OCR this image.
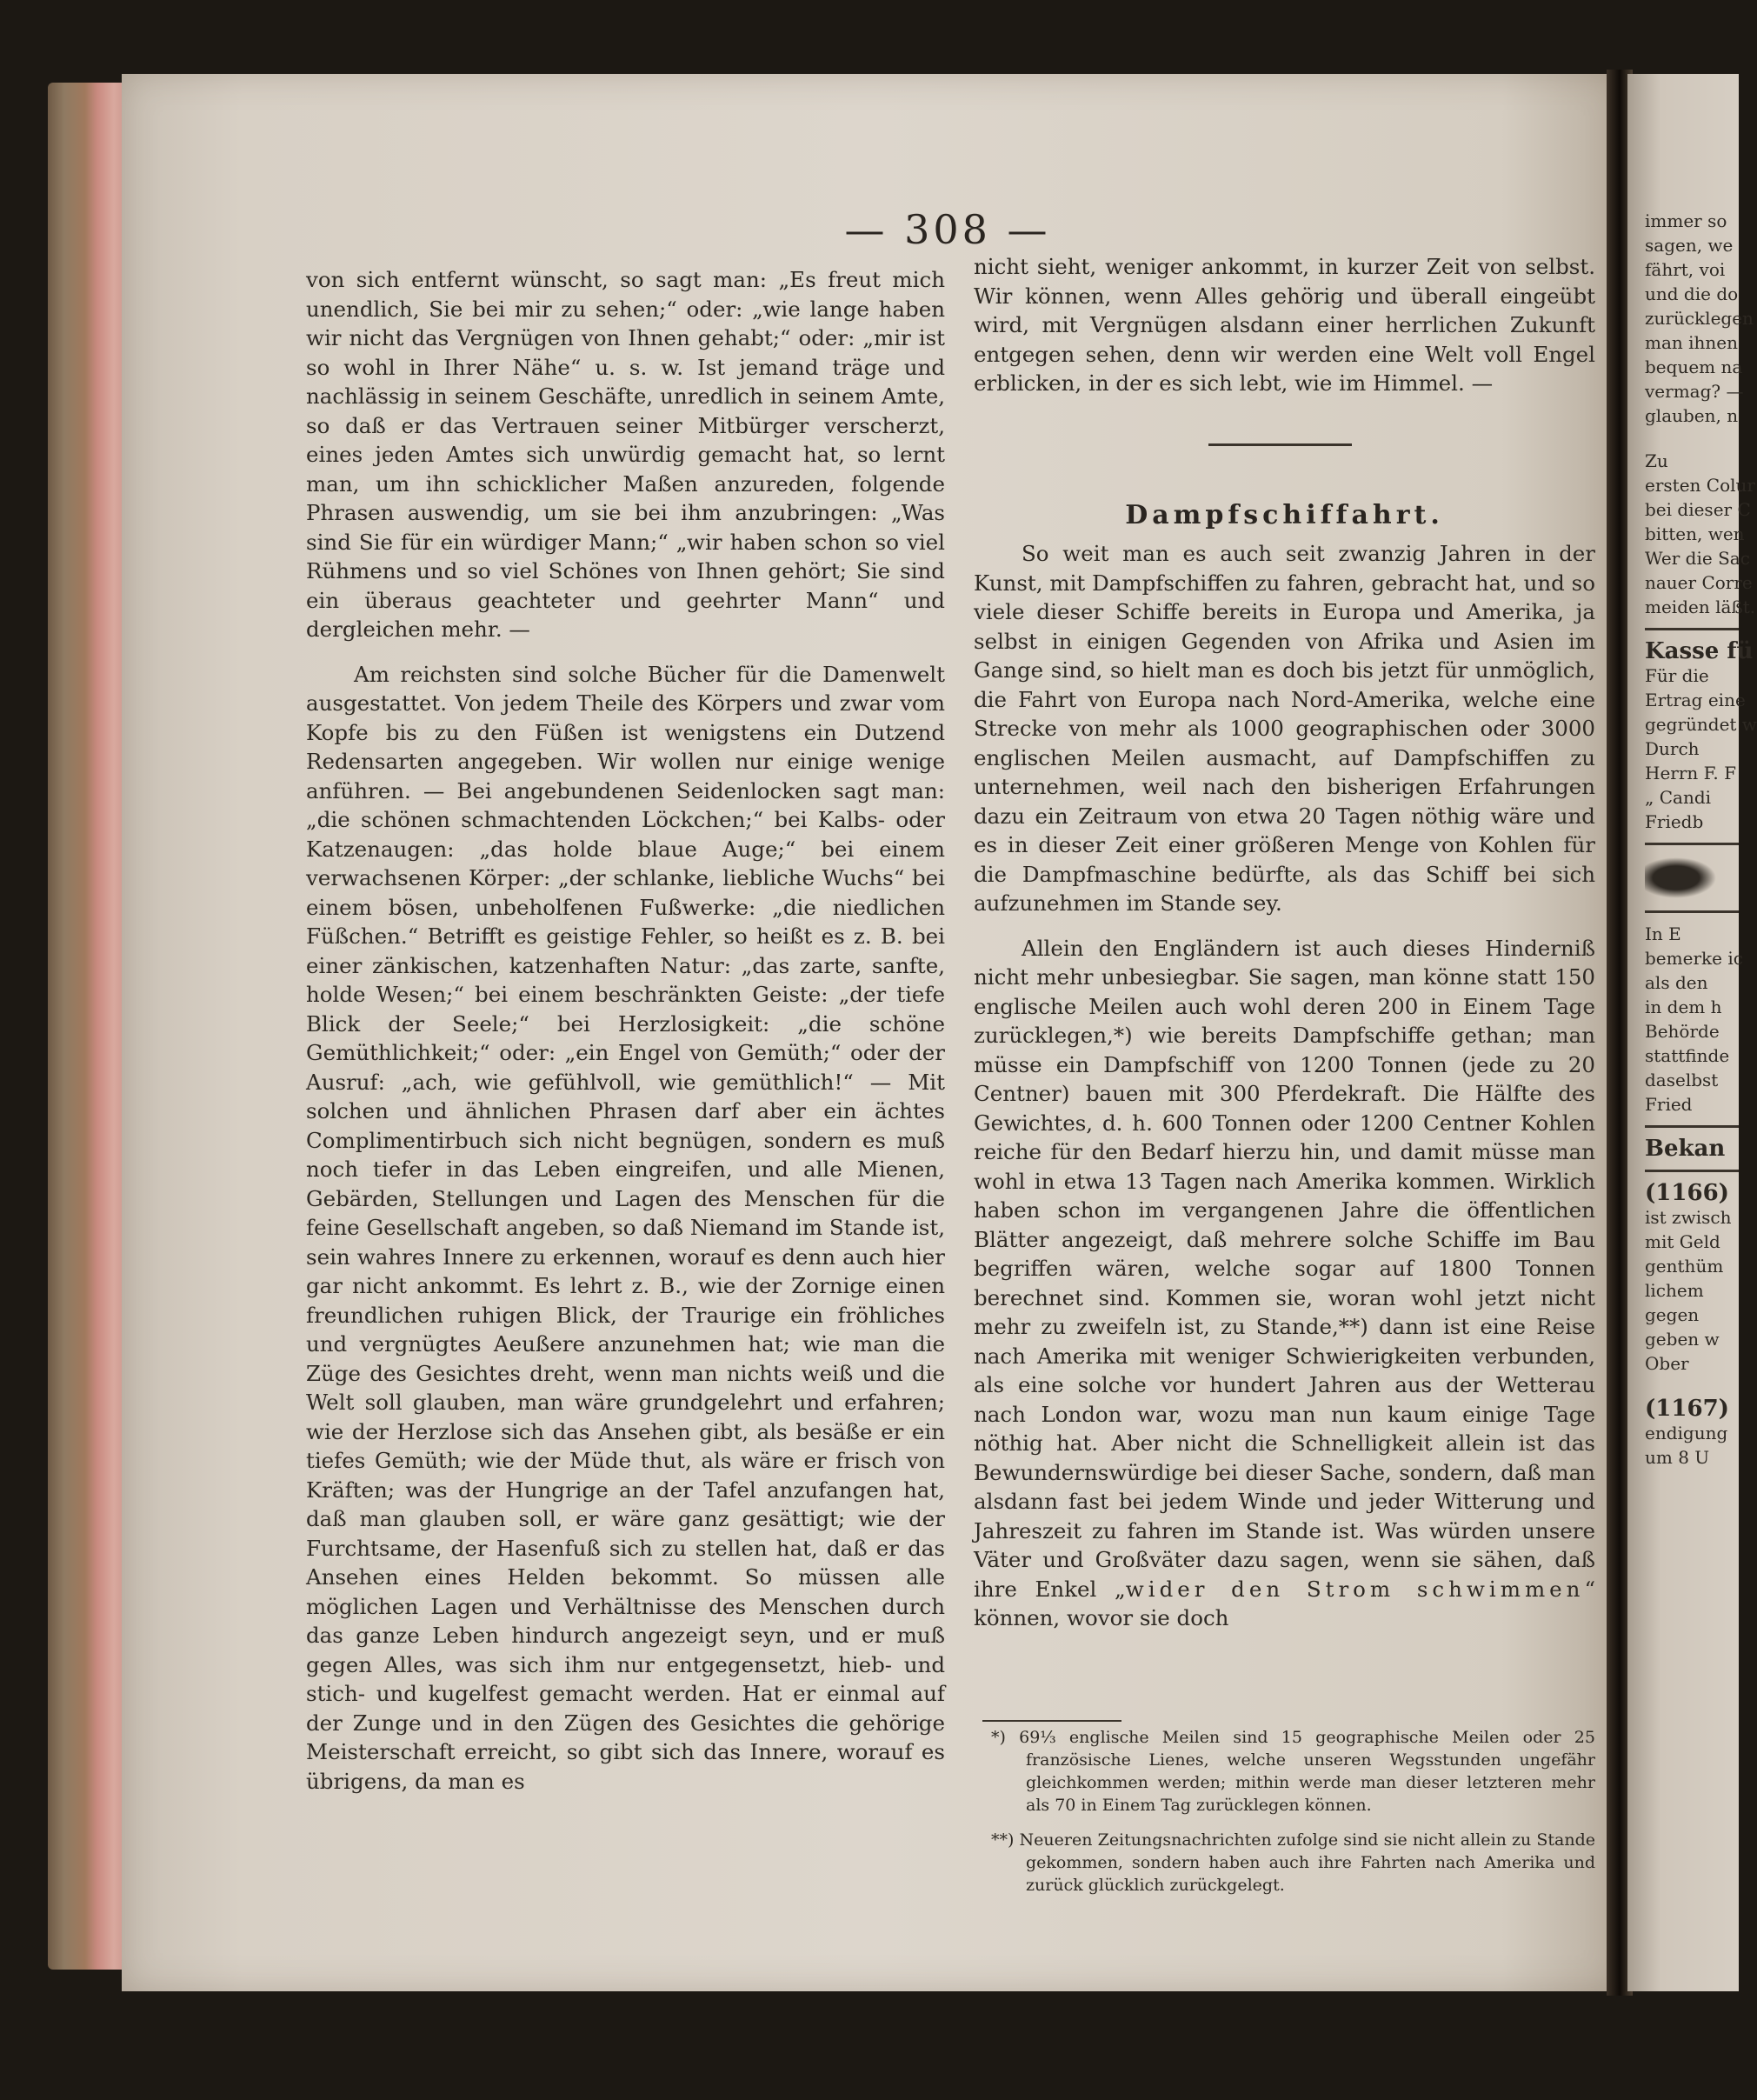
— 308 —

von sich entfernt wünscht, so sagt man: „Es freut mich unendlich, Sie bei mir zu sehen;“ oder: „wie lange haben wir nicht das Vergnügen von Ihnen gehabt;“ oder: „mir ist so wohl in Ihrer Nähe“ u. s. w. Ist jemand träge und nachlässig in seinem Geschäfte, unredlich in seinem Amte, so daß er das Vertrauen seiner Mitbürger verscherzt, eines jeden Amtes sich unwürdig gemacht hat, so lernt man, um ihn schicklicher Maßen anzureden, folgende Phrasen auswendig, um sie bei ihm anzubringen: „Was sind Sie für ein würdiger Mann;“ „wir haben schon so viel Rühmens und so viel Schönes von Ihnen gehört; Sie sind ein überaus geachteter und geehrter Mann“ und dergleichen mehr. —

Am reichsten sind solche Bücher für die Damenwelt ausgestattet. Von jedem Theile des Körpers und zwar vom Kopfe bis zu den Füßen ist wenigstens ein Dutzend Redensarten angegeben. Wir wollen nur einige wenige anführen. — Bei angebundenen Seidenlocken sagt man: „die schönen schmachtenden Löckchen;“ bei Kalbs- oder Katzenaugen: „das holde blaue Auge;“ bei einem verwachsenen Körper: „der schlanke, liebliche Wuchs“ bei einem bösen, unbeholfenen Fußwerke: „die niedlichen Füßchen.“ Betrifft es geistige Fehler, so heißt es z. B. bei einer zänkischen, katzenhaften Natur: „das zarte, sanfte, holde Wesen;“ bei einem beschränkten Geiste: „der tiefe Blick der Seele;“ bei Herzlosigkeit: „die schöne Gemüthlichkeit;“ oder: „ein Engel von Gemüth;“ oder der Ausruf: „ach, wie gefühlvoll, wie gemüthlich!“ — Mit solchen und ähnlichen Phrasen darf aber ein ächtes Complimentirbuch sich nicht begnügen, sondern es muß noch tiefer in das Leben eingreifen, und alle Mienen, Gebärden, Stellungen und Lagen des Menschen für die feine Gesellschaft angeben, so daß Niemand im Stande ist, sein wahres Innere zu erkennen, worauf es denn auch hier gar nicht ankommt. Es lehrt z. B., wie der Zornige einen freundlichen ruhigen Blick, der Traurige ein fröhliches und vergnügtes Aeußere anzunehmen hat; wie man die Züge des Gesichtes dreht, wenn man nichts weiß und die Welt soll glauben, man wäre grundgelehrt und erfahren; wie der Herzlose sich das Ansehen gibt, als besäße er ein tiefes Gemüth; wie der Müde thut, als wäre er frisch von Kräften; was der Hungrige an der Tafel anzufangen hat, daß man glauben soll, er wäre ganz gesättigt; wie der Furchtsame, der Hasenfuß sich zu stellen hat, daß er das Ansehen eines Helden bekommt. So müssen alle möglichen Lagen und Verhältnisse des Menschen durch das ganze Leben hindurch angezeigt seyn, und er muß gegen Alles, was sich ihm nur entgegensetzt, hieb- und stich- und kugelfest gemacht werden. Hat er einmal auf der Zunge und in den Zügen des Gesichtes die gehörige Meisterschaft erreicht, so gibt sich das Innere, worauf es übrigens, da man es

nicht sieht, weniger ankommt, in kurzer Zeit von selbst. Wir können, wenn Alles gehörig und überall eingeübt wird, mit Vergnügen alsdann einer herrlichen Zukunft entgegen sehen, denn wir werden eine Welt voll Engel erblicken, in der es sich lebt, wie im Himmel. —

Dampfschiffahrt.

So weit man es auch seit zwanzig Jahren in der Kunst, mit Dampfschiffen zu fahren, gebracht hat, und so viele dieser Schiffe bereits in Europa und Amerika, ja selbst in einigen Gegenden von Afrika und Asien im Gange sind, so hielt man es doch bis jetzt für unmöglich, die Fahrt von Europa nach Nord-Amerika, welche eine Strecke von mehr als 1000 geographischen oder 3000 englischen Meilen ausmacht, auf Dampfschiffen zu unternehmen, weil nach den bisherigen Erfahrungen dazu ein Zeitraum von etwa 20 Tagen nöthig wäre und es in dieser Zeit einer größeren Menge von Kohlen für die Dampfmaschine bedürfte, als das Schiff bei sich aufzunehmen im Stande sey.

Allein den Engländern ist auch dieses Hinderniß nicht mehr unbesiegbar. Sie sagen, man könne statt 150 englische Meilen auch wohl deren 200 in Einem Tage zurücklegen,*) wie bereits Dampfschiffe gethan; man müsse ein Dampfschiff von 1200 Tonnen (jede zu 20 Centner) bauen mit 300 Pferdekraft. Die Hälfte des Gewichtes, d. h. 600 Tonnen oder 1200 Centner Kohlen reiche für den Bedarf hierzu hin, und damit müsse man wohl in etwa 13 Tagen nach Amerika kommen. Wirklich haben schon im vergangenen Jahre die öffentlichen Blätter angezeigt, daß mehrere solche Schiffe im Bau begriffen wären, welche sogar auf 1800 Tonnen berechnet sind. Kommen sie, woran wohl jetzt nicht mehr zu zweifeln ist, zu Stande,**) dann ist eine Reise nach Amerika mit weniger Schwierigkeiten verbunden, als eine solche vor hundert Jahren aus der Wetterau nach London war, wozu man nun kaum einige Tage nöthig hat. Aber nicht die Schnelligkeit allein ist das Bewundernswürdige bei dieser Sache, sondern, daß man alsdann fast bei jedem Winde und jeder Witterung und Jahreszeit zu fahren im Stande ist. Was würden unsere Väter und Großväter dazu sagen, wenn sie sähen, daß ihre Enkel „wider den Strom schwimmen“ können, wovor sie doch

*) 69⅓ englische Meilen sind 15 geographische Meilen oder 25 französische Lienes, welche unseren Wegsstunden ungefähr gleichkommen werden; mithin werde man dieser letzteren mehr als 70 in Einem Tag zurücklegen können.

**) Neueren Zeitungsnachrichten zufolge sind sie nicht allein zu Stande gekommen, sondern haben auch ihre Fahrten nach Amerika und zurück glücklich zurückgelegt.

immer so
sagen, we
fährt, voi
und die do
zurücklegen
man ihnen
bequem na
vermag? —
glauben, n
Zu
ersten Colur
bei dieser C
bitten, wen
Wer die Sac
nauer Corre
meiden läßt.
Kasse fü
Für die
Ertrag eine
gegründet w
Durch
Herrn F. F
„ Candi
Friedb
In E
bemerke ic
als den
in dem h
Behörde
stattfinde
daselbst
Fried
Bekan
(1166)
ist zwisch
mit Geld
genthüm
lichem
gegen
geben w
Ober
(1167)
endigung
um 8 U
